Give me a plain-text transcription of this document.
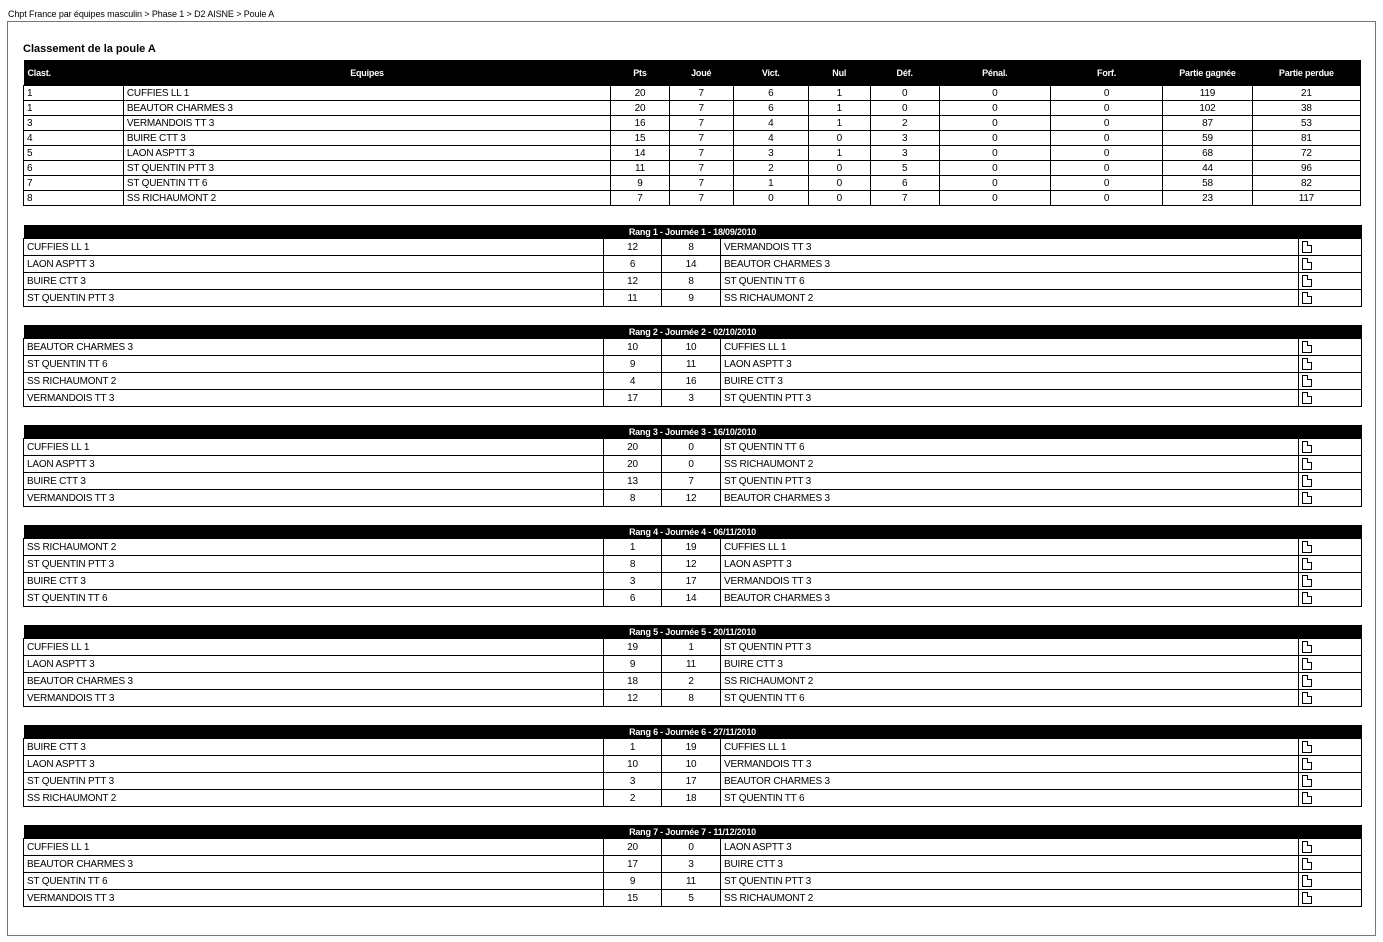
Chpt France par équipes masculin > Phase 1 > D2 AISNE > Poule A
Classement de la poule A
Clast.	Equipes	Pts	Joué	Vict.	Nul	Déf.	Pénal.	Forf.	Partie gagnée	Partie perdue
1	CUFFIES LL 1	20	7	6	1	0	0	0	119	21
1	BEAUTOR CHARMES 3	20	7	6	1	0	0	0	102	38
3	VERMANDOIS TT 3	16	7	4	1	2	0	0	87	53
4	BUIRE CTT 3	15	7	4	0	3	0	0	59	81
5	LAON ASPTT 3	14	7	3	1	3	0	0	68	72
6	ST QUENTIN PTT 3	11	7	2	0	5	0	0	44	96
7	ST QUENTIN TT 6	9	7	1	0	6	0	0	58	82
8	SS RICHAUMONT 2	7	7	0	0	7	0	0	23	117
Rang 1 - Journée 1 - 18/09/2010				
CUFFIES LL 1	12	8	VERMANDOIS TT 3	
LAON ASPTT 3	6	14	BEAUTOR CHARMES 3	
BUIRE CTT 3	12	8	ST QUENTIN TT 6	
ST QUENTIN PTT 3	11	9	SS RICHAUMONT 2	
Rang 2 - Journée 2 - 02/10/2010				
BEAUTOR CHARMES 3	10	10	CUFFIES LL 1	
ST QUENTIN TT 6	9	11	LAON ASPTT 3	
SS RICHAUMONT 2	4	16	BUIRE CTT 3	
VERMANDOIS TT 3	17	3	ST QUENTIN PTT 3	
Rang 3 - Journée 3 - 16/10/2010				
CUFFIES LL 1	20	0	ST QUENTIN TT 6	
LAON ASPTT 3	20	0	SS RICHAUMONT 2	
BUIRE CTT 3	13	7	ST QUENTIN PTT 3	
VERMANDOIS TT 3	8	12	BEAUTOR CHARMES 3	
Rang 4 - Journée 4 - 06/11/2010				
SS RICHAUMONT 2	1	19	CUFFIES LL 1	
ST QUENTIN PTT 3	8	12	LAON ASPTT 3	
BUIRE CTT 3	3	17	VERMANDOIS TT 3	
ST QUENTIN TT 6	6	14	BEAUTOR CHARMES 3	
Rang 5 - Journée 5 - 20/11/2010				
CUFFIES LL 1	19	1	ST QUENTIN PTT 3	
LAON ASPTT 3	9	11	BUIRE CTT 3	
BEAUTOR CHARMES 3	18	2	SS RICHAUMONT 2	
VERMANDOIS TT 3	12	8	ST QUENTIN TT 6	
Rang 6 - Journée 6 - 27/11/2010				
BUIRE CTT 3	1	19	CUFFIES LL 1	
LAON ASPTT 3	10	10	VERMANDOIS TT 3	
ST QUENTIN PTT 3	3	17	BEAUTOR CHARMES 3	
SS RICHAUMONT 2	2	18	ST QUENTIN TT 6	
Rang 7 - Journée 7 - 11/12/2010				
CUFFIES LL 1	20	0	LAON ASPTT 3	
BEAUTOR CHARMES 3	17	3	BUIRE CTT 3	
ST QUENTIN TT 6	9	11	ST QUENTIN PTT 3	
VERMANDOIS TT 3	15	5	SS RICHAUMONT 2	
